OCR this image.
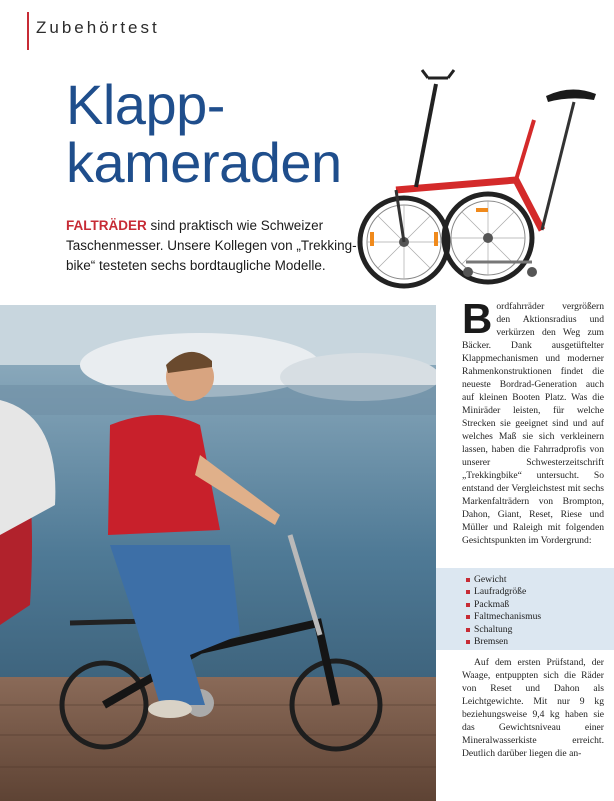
Zubehörtest
Klapp-
kameraden
FALTRÄDER sind praktisch wie Schweizer Taschenmesser. Unsere Kollegen von „Trekking-bike“ testeten sechs bordtaugliche Modelle.
B ordfahrräder vergrößern den Aktionsradius und verkürzen den Weg zum Bäcker. Dank ausgetüftelter Klappmechanismen und moderner Rahmenkonstruktionen findet die neueste Bordrad-Generation auch auf kleinen Booten Platz. Was die Miniräder leisten, für welche Strecken sie geeignet sind und auf welches Maß sie sich verkleinern lassen, haben die Fahrradprofis von unserer Schwesterzeitschrift „Trekkingbike“ untersucht. So entstand der Vergleichstest mit sechs Markenfalträdern von Brompton, Dahon, Giant, Reset, Riese und Müller und Raleigh mit folgenden Gesichtspunkten im Vordergrund:

Gewicht
Laufradgröße
Packmaß
Faltmechanismus
Schaltung
Bremsen

Auf dem ersten Prüfstand, der Waage, entpuppten sich die Räder von Reset und Dahon als Leichtgewichte. Mit nur 9 kg beziehungsweise 9,4 kg haben sie das Gewichtsniveau einer Mineralwasserkiste erreicht. Deutlich darüber liegen die an-
